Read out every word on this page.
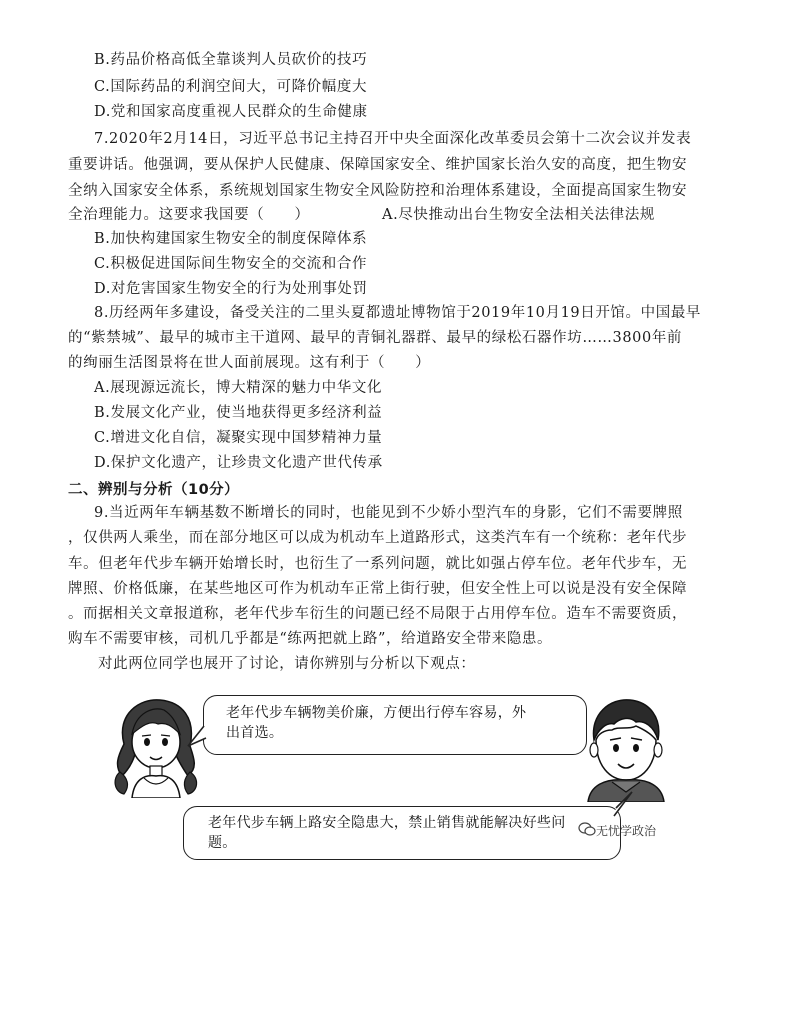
B.药品价格高低全靠谈判人员砍价的技巧
C.国际药品的利润空间大，可降价幅度大
D.党和国家高度重视人民群众的生命健康
7.2020年2月14日，习近平总书记主持召开中央全面深化改革委员会第十二次会议并发表
重要讲话。他强调，要从保护人民健康、保障国家安全、维护国家长治久安的高度，把生物安
全纳入国家安全体系，系统规划国家生物安全风险防控和治理体系建设，全面提高国家生物安
全治理能力。这要求我国要（　　）	A.尽快推动出台生物安全法相关法律法规
B.加快构建国家生物安全的制度保障体系
C.积极促进国际间生物安全的交流和合作
D.对危害国家生物安全的行为处刑事处罚
8.历经两年多建设，备受关注的二里头夏都遗址博物馆于2019年10月19日开馆。中国最早
的“紫禁城”、最早的城市主干道网、最早的青铜礼器群、最早的绿松石器作坊……3800年前
的绚丽生活图景将在世人面前展现。这有利于（　　）
A.展现源远流长，博大精深的魅力中华文化
B.发展文化产业，使当地获得更多经济利益
C.增进文化自信，凝聚实现中国梦精神力量
D.保护文化遗产，让珍贵文化遗产世代传承
二、辨别与分析（10分）
9.当近两年车辆基数不断增长的同时，也能见到不少娇小型汽车的身影，它们不需要牌照
，仅供两人乘坐，而在部分地区可以成为机动车上道路形式，这类汽车有一个统称：老年代步
车。但老年代步车辆开始增长时，也衍生了一系列问题，就比如强占停车位。老年代步车，无
牌照、价格低廉，在某些地区可作为机动车正常上街行驶，但安全性上可以说是没有安全保障
。而据相关文章报道称，老年代步车衍生的问题已经不局限于占用停车位。造车不需要资质，
购车不需要审核，司机几乎都是“练两把就上路”，给道路安全带来隐患。
对此两位同学也展开了讨论，请你辨别与分析以下观点：
老年代步车辆物美价廉，方便出行停车容易，外
出首选。
老年代步车辆上路安全隐患大，禁止销售就能解决好些问
题。
无忧学政治
